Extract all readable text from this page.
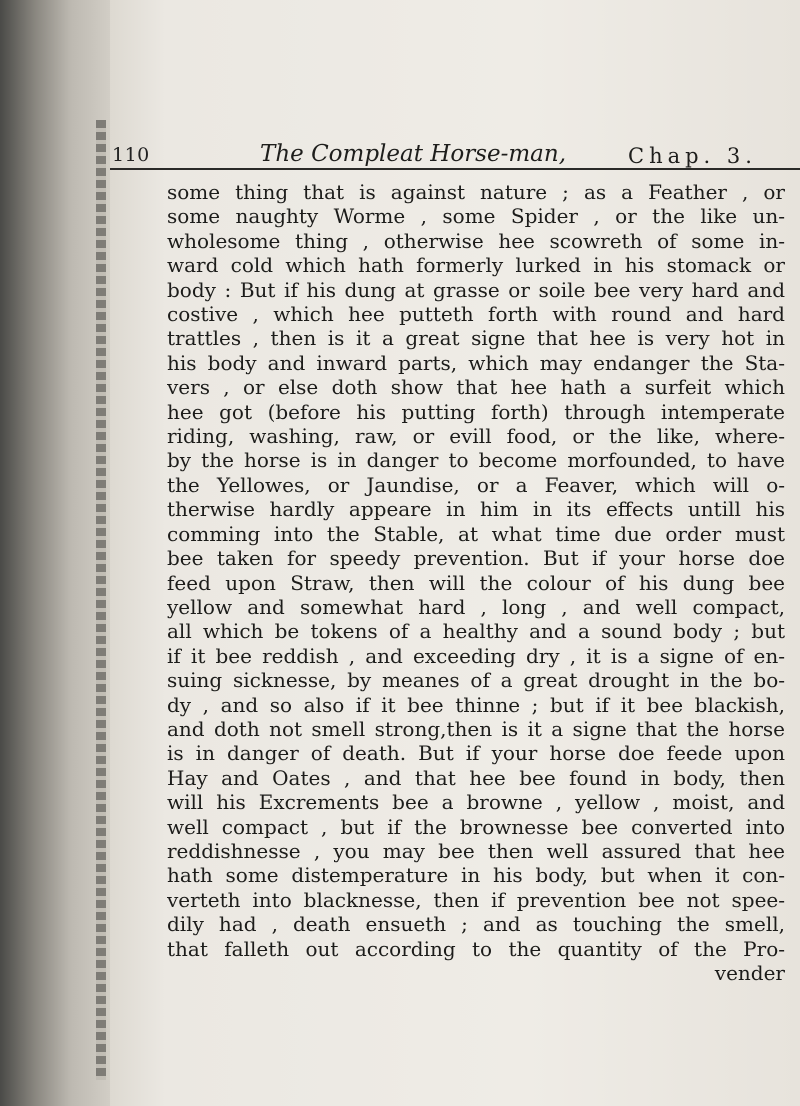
110	The Compleat Horse-man,	Chap. 3.
some thing that is against nature ; as a Feather , or
some naughty Worme , some Spider , or the like un-
wholesome thing , otherwise hee scowreth of some in-
ward cold which hath formerly lurked in his stomack or
body : But if his dung at grasse or soile bee very hard and
costive , which hee putteth forth with round and hard
trattles , then is it a great signe that hee is very hot in
his body and inward parts, which may endanger the Sta-
vers , or else doth show that hee hath a surfeit which
hee got (before his putting forth) through intemperate
riding, washing, raw, or evill food, or the like, where-
by the horse is in danger to become morfounded, to have
the Yellowes, or Jaundise, or a Feaver, which will o-
therwise hardly appeare in him in its effects untill his
comming into the Stable, at what time due order must
bee taken for speedy prevention. But if your horse doe
feed upon Straw, then will the colour of his dung bee
yellow and somewhat hard , long , and well compact,
all which be tokens of a healthy and a sound body ; but
if it bee reddish , and exceeding dry , it is a signe of en-
suing sicknesse, by meanes of a great drought in the bo-
dy , and so also if it bee thinne ; but if it bee blackish,
and doth not smell strong,then is it a signe that the horse
is in danger of death. But if your horse doe feede upon
Hay and Oates , and that hee bee found in body, then
will his Excrements bee a browne , yellow , moist, and
well compact , but if the brownesse bee converted into
reddishnesse , you may bee then well assured that hee
hath some distemperature in his body, but when it con-
verteth into blacknesse, then if prevention bee not spee-
dily had , death ensueth ; and as touching the smell,
that falleth out according to the quantity of the Pro-
vender
